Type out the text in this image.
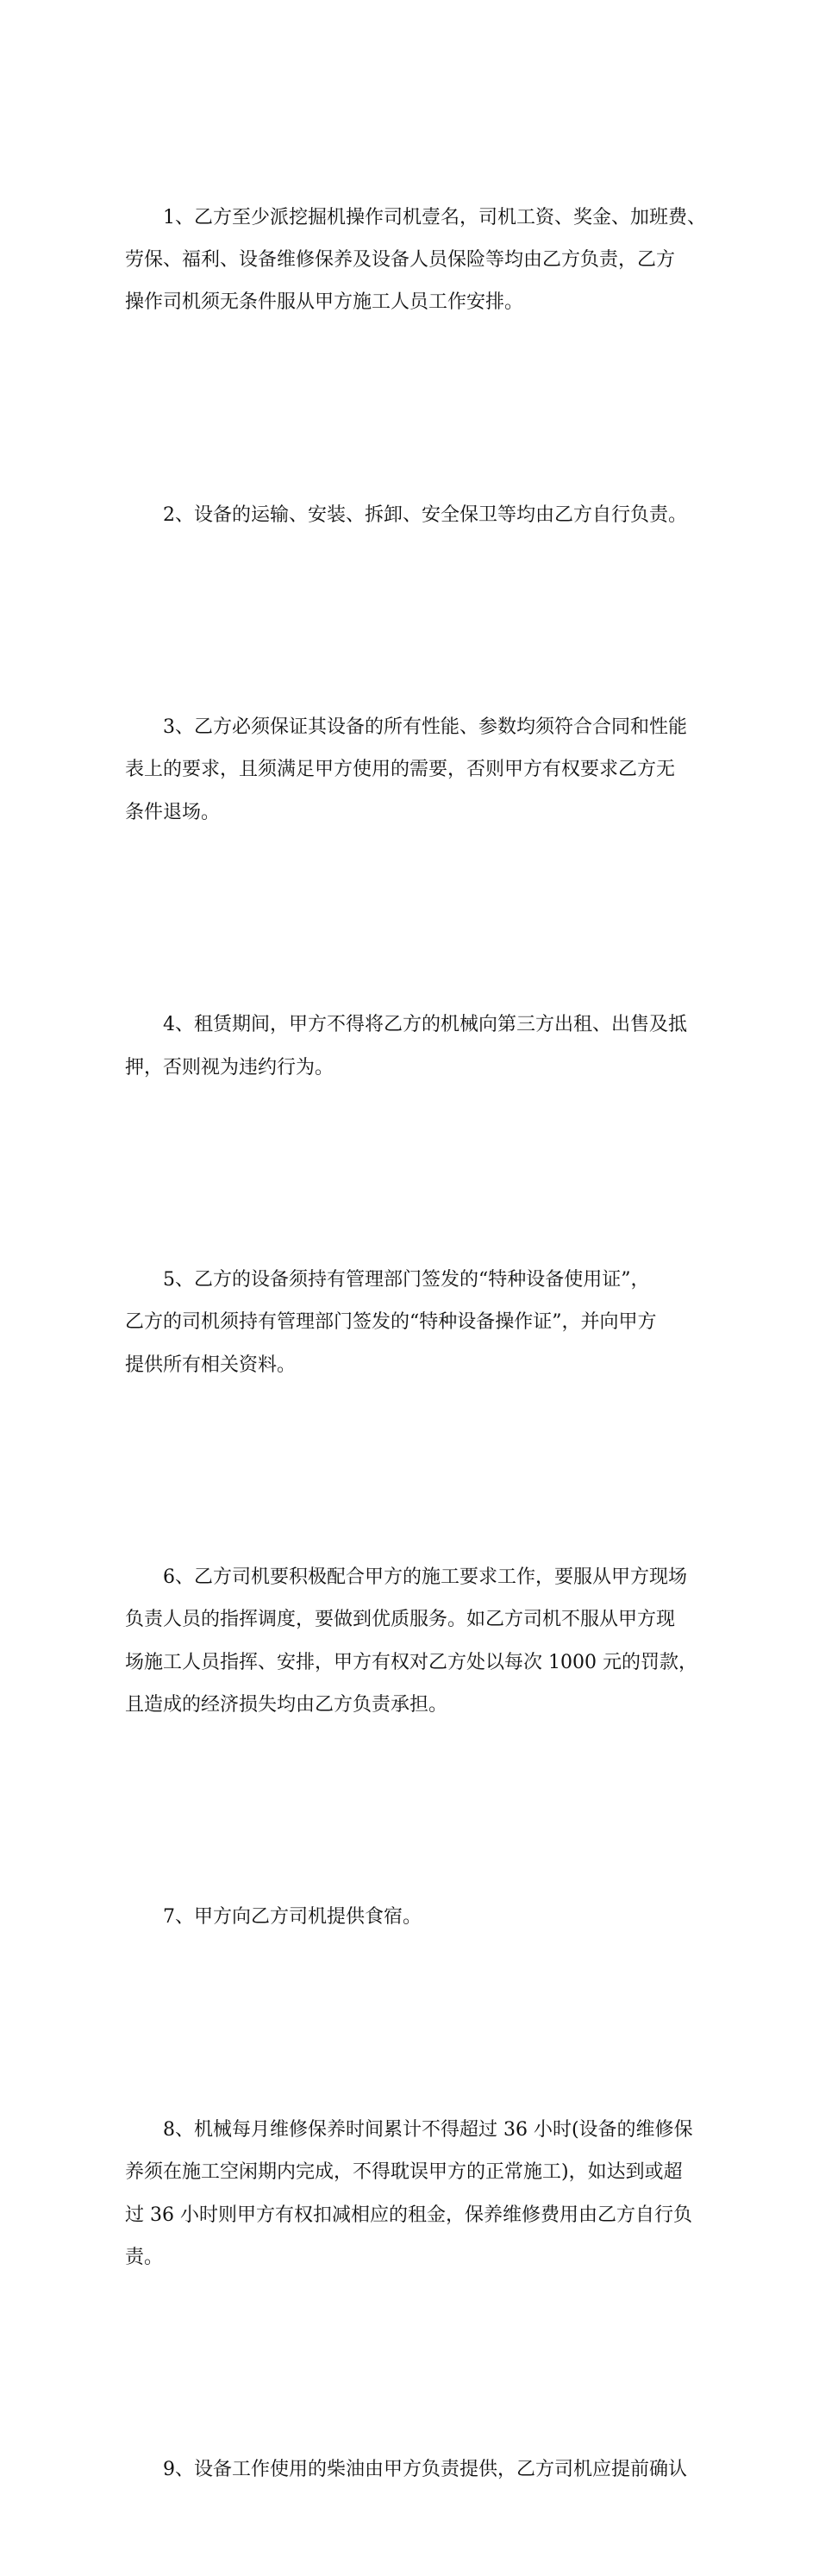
　　1、乙方至少派挖掘机操作司机壹名，司机工资、奖金、加班费、
劳保、福利、设备维修保养及设备人员保险等均由乙方负责，乙方
操作司机须无条件服从甲方施工人员工作安排。

　　2、设备的运输、安装、拆卸、安全保卫等均由乙方自行负责。

　　3、乙方必须保证其设备的所有性能、参数均须符合合同和性能
表上的要求，且须满足甲方使用的需要，否则甲方有权要求乙方无
条件退场。

　　4、租赁期间，甲方不得将乙方的机械向第三方出租、出售及抵
押，否则视为违约行为。

　　5、乙方的设备须持有管理部门签发的“特种设备使用证”，
乙方的司机须持有管理部门签发的“特种设备操作证”，并向甲方
提供所有相关资料。

　　6、乙方司机要积极配合甲方的施工要求工作，要服从甲方现场
负责人员的指挥调度，要做到优质服务。如乙方司机不服从甲方现
场施工人员指挥、安排，甲方有权对乙方处以每次 1000 元的罚款，
且造成的经济损失均由乙方负责承担。

　　7、甲方向乙方司机提供食宿。

　　8、机械每月维修保养时间累计不得超过 36 小时(设备的维修保
养须在施工空闲期内完成，不得耽误甲方的正常施工)，如达到或超
过 36 小时则甲方有权扣减相应的租金，保养维修费用由乙方自行负
责。

　　9、设备工作使用的柴油由甲方负责提供，乙方司机应提前确认
